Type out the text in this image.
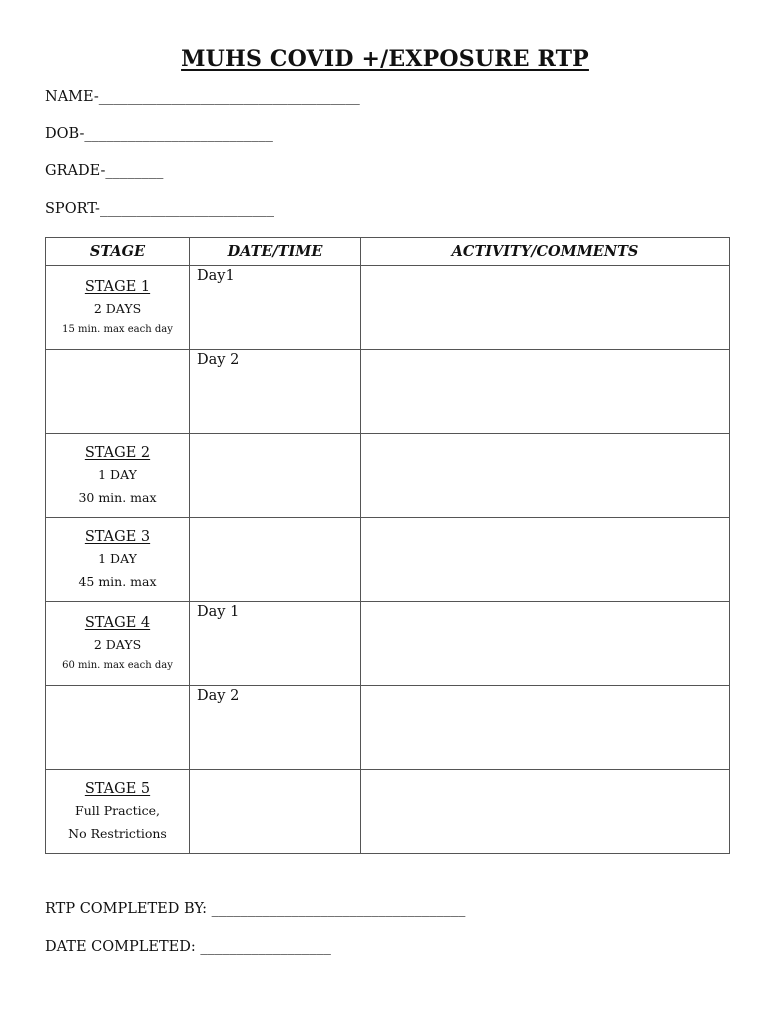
MUHS COVID +/EXPOSURE RTP
NAME-____________________________________
DOB-__________________________
GRADE-________
SPORT-________________________
STAGE	DATE/TIME	ACTIVITY/COMMENTS

STAGE 1
2 DAYS
15 min. max each day	Day1	

	Day 2	

STAGE 2
1 DAY
30 min. max		

STAGE 3
1 DAY
45 min. max		

STAGE 4
2 DAYS
60 min. max each day	Day 1	

	Day 2	

STAGE 5
Full Practice,
No Restrictions		

RTP COMPLETED BY: ___________________________________
DATE COMPLETED: __________________
